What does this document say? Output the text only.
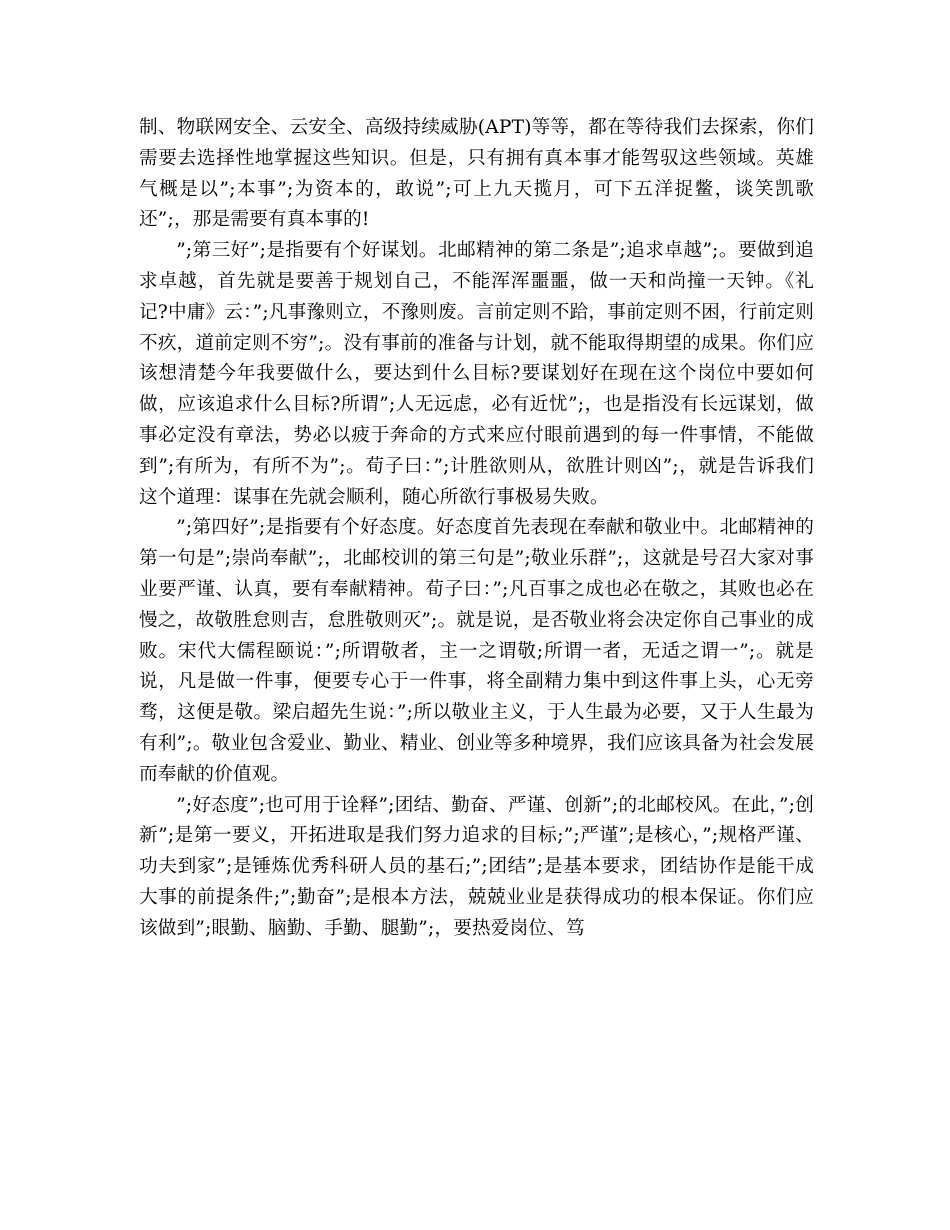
制、物联网安全、云安全、高级持续威胁(APT)等等，都在等待我们去探索，你们需要去选择性地掌握这些知识。但是，只有拥有真本事才能驾驭这些领域。英雄气概是以”;本事”;为资本的，敢说”;可上九天揽月，可下五洋捉鳖，谈笑凯歌还”;，那是需要有真本事的!

”;第三好”;是指要有个好谋划。北邮精神的第二条是”;追求卓越”;。要做到追求卓越，首先就是要善于规划自己，不能浑浑噩噩，做一天和尚撞一天钟。《礼记?中庸》云：”;凡事豫则立，不豫则废。言前定则不跲，事前定则不困，行前定则不疚，道前定则不穷”;。没有事前的准备与计划，就不能取得期望的成果。你们应该想清楚今年我要做什么，要达到什么目标?要谋划好在现在这个岗位中要如何做，应该追求什么目标?所谓”;人无远虑，必有近忧”;，也是指没有长远谋划，做事必定没有章法，势必以疲于奔命的方式来应付眼前遇到的每一件事情，不能做到”;有所为，有所不为”;。荀子曰：”;计胜欲则从，欲胜计则凶”;，就是告诉我们这个道理：谋事在先就会顺利，随心所欲行事极易失败。

”;第四好”;是指要有个好态度。好态度首先表现在奉献和敬业中。北邮精神的第一句是”;崇尚奉献”;，北邮校训的第三句是”;敬业乐群”;，这就是号召大家对事业要严谨、认真，要有奉献精神。荀子曰：”;凡百事之成也必在敬之，其败也必在慢之，故敬胜怠则吉，怠胜敬则灭”;。就是说，是否敬业将会决定你自己事业的成败。宋代大儒程颐说：”;所谓敬者，主一之谓敬;所谓一者，无适之谓一”;。就是说，凡是做一件事，便要专心于一件事，将全副精力集中到这件事上头，心无旁骛，这便是敬。梁启超先生说：”;所以敬业主义，于人生最为必要，又于人生最为有利”;。敬业包含爱业、勤业、精业、创业等多种境界，我们应该具备为社会发展而奉献的价值观。

”;好态度”;也可用于诠释”;团结、勤奋、严谨、创新”;的北邮校风。在此，”;创新”;是第一要义，开拓进取是我们努力追求的目标;”;严谨”;是核心，”;规格严谨、功夫到家”;是锤炼优秀科研人员的基石;”;团结”;是基本要求，团结协作是能干成大事的前提条件;”;勤奋”;是根本方法，兢兢业业是获得成功的根本保证。你们应该做到”;眼勤、脑勤、手勤、腿勤”;，要热爱岗位、笃
